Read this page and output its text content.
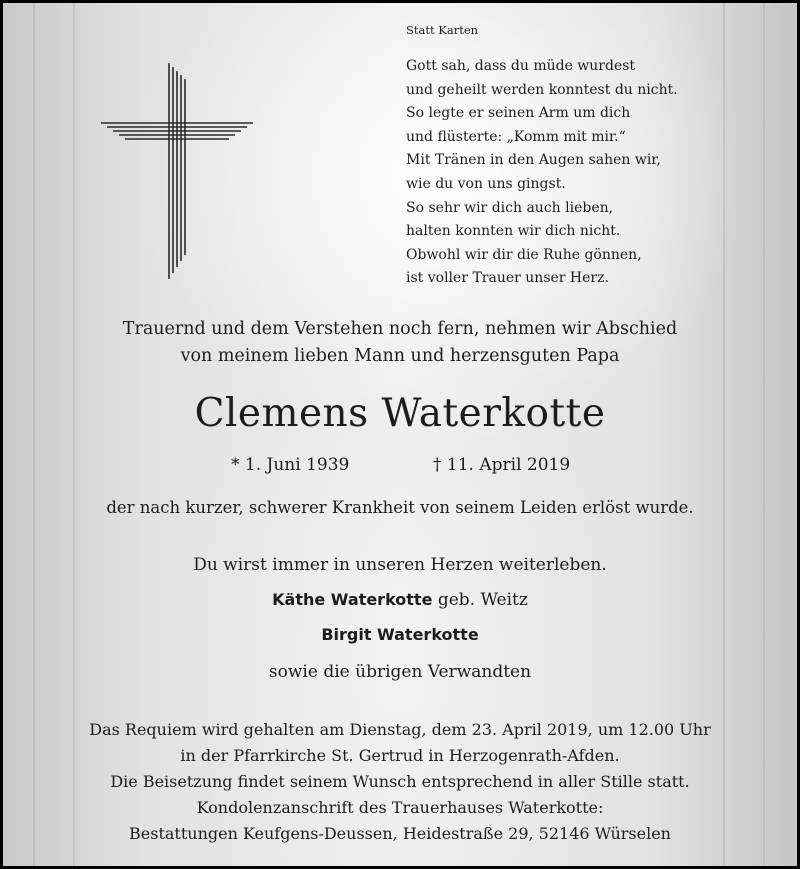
Statt Karten
Gott sah, dass du müde wurdest
und geheilt werden konntest du nicht.
So legte er seinen Arm um dich
und flüsterte: „Komm mit mir.“
Mit Tränen in den Augen sahen wir,
wie du von uns gingst.
So sehr wir dich auch lieben,
halten konnten wir dich nicht.
Obwohl wir dir die Ruhe gönnen,
ist voller Trauer unser Herz.
Trauernd und dem Verstehen noch fern, nehmen wir Abschied
von meinem lieben Mann und herzensguten Papa
Clemens Waterkotte
* 1. Juni 1939	† 11. April 2019
der nach kurzer, schwerer Krankheit von seinem Leiden erlöst wurde.
Du wirst immer in unseren Herzen weiterleben.
Käthe Waterkotte geb. Weitz
Birgit Waterkotte
sowie die übrigen Verwandten
Das Requiem wird gehalten am Dienstag, dem 23. April 2019, um 12.00 Uhr
in der Pfarrkirche St. Gertrud in Herzogenrath-Afden.
Die Beisetzung findet seinem Wunsch entsprechend in aller Stille statt.
Kondolenzanschrift des Trauerhauses Waterkotte:
Bestattungen Keufgens-Deussen, Heidestraße 29, 52146 Würselen
